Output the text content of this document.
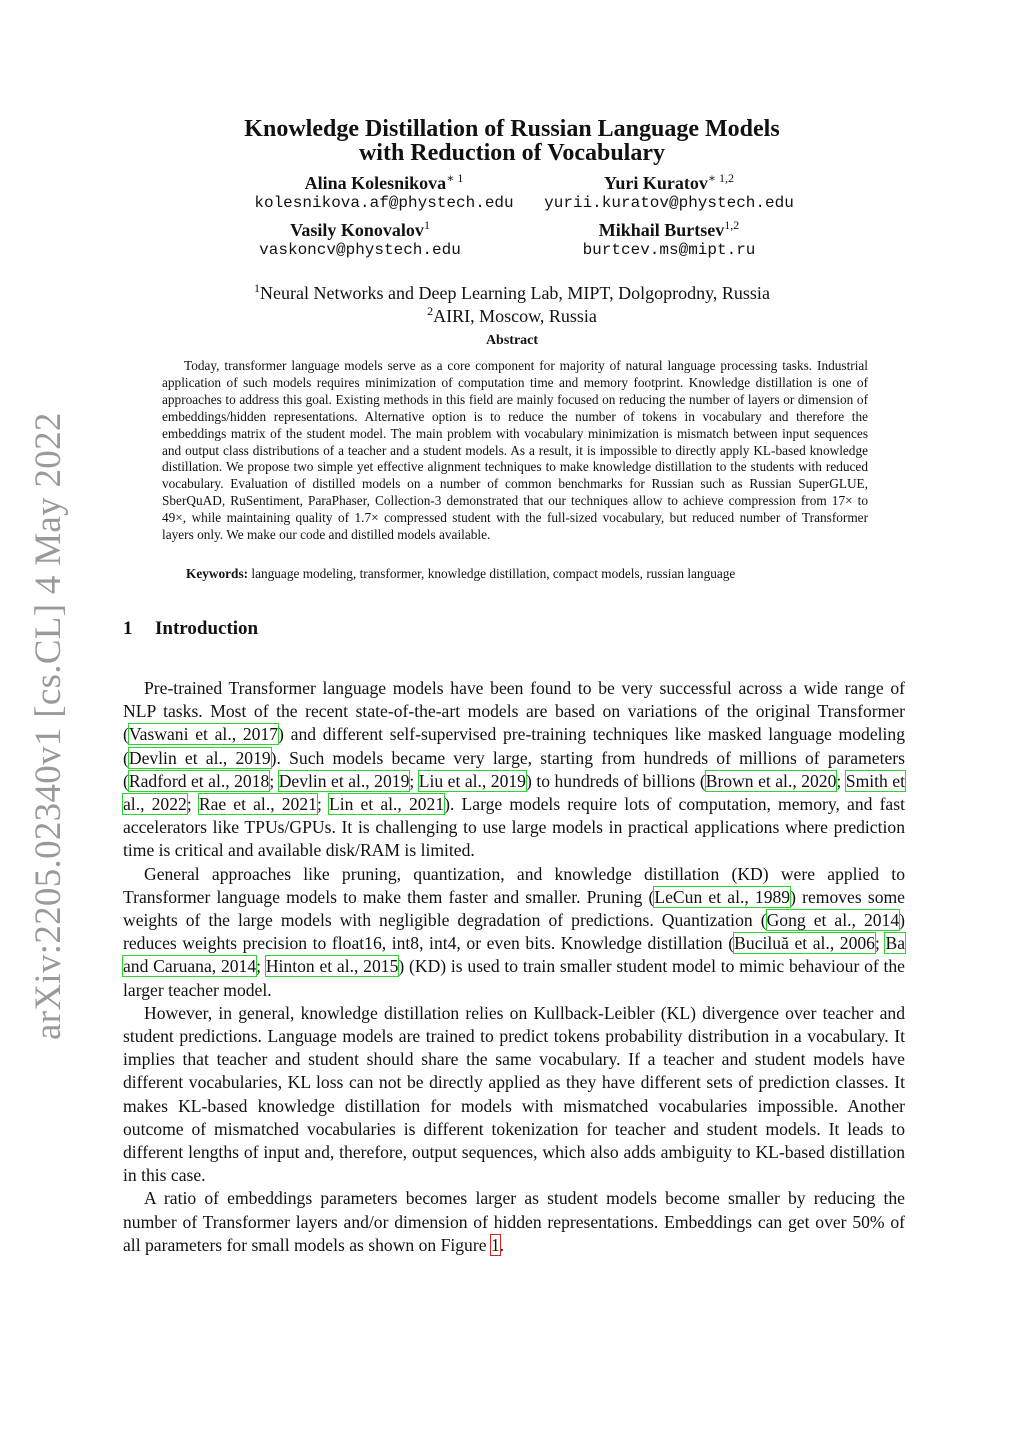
arXiv:2205.02340v1 [cs.CL] 4 May 2022
Knowledge Distillation of Russian Language Models
with Reduction of Vocabulary
Alina Kolesnikova$^{∗ 1}$
kolesnikova.af@phystech.edu
Yuri Kuratov$^{∗ 1,2}$
yurii.kuratov@phystech.edu
Vasily Konovalov$^1$
vaskoncv@phystech.edu
Mikhail Burtsev$^{1,2}$
burtcev.ms@mipt.ru
$^1$Neural Networks and Deep Learning Lab, MIPT, Dolgoprodny, Russia
$^2$AIRI, Moscow, Russia
Abstract
Today, transformer language models serve as a core component for majority of natural language processing tasks. Industrial application of such models requires minimization of computation time and memory footprint. Knowledge distillation is one of approaches to address this goal. Existing methods in this field are mainly focused on reducing the number of layers or dimension of embeddings/hidden representations. Alternative option is to reduce the number of tokens in vocabulary and therefore the embeddings matrix of the student model. The main problem with vocabulary minimization is mismatch between input sequences and output class distributions of a teacher and a student models. As a result, it is impossible to directly apply KL-based knowledge distillation. We propose two simple yet effective alignment techniques to make knowledge distillation to the students with reduced vocabulary. Evaluation of distilled models on a number of common benchmarks for Russian such as Russian SuperGLUE, SberQuAD, RuSentiment, ParaPhaser, Collection-3 demonstrated that our techniques allow to achieve compression from 17× to 49×, while maintaining quality of 1.7× compressed student with the full-sized vocabulary, but reduced number of Transformer layers only. We make our code and distilled models available.
Keywords: language modeling, transformer, knowledge distillation, compact models, russian language
1 Introduction

Pre-trained Transformer language models have been found to be very successful across a wide range of NLP tasks. Most of the recent state-of-the-art models are based on variations of the original Transformer (Vaswani et al., 2017) and different self-supervised pre-training techniques like masked language modeling (Devlin et al., 2019). Such models became very large, starting from hundreds of millions of parameters (Radford et al., 2018; Devlin et al., 2019; Liu et al., 2019) to hundreds of billions (Brown et al., 2020; Smith et al., 2022; Rae et al., 2021; Lin et al., 2021). Large models require lots of computation, memory, and fast accelerators like TPUs/GPUs. It is challenging to use large models in practical applications where prediction time is critical and available disk/RAM is limited.

General approaches like pruning, quantization, and knowledge distillation (KD) were applied to Transformer language models to make them faster and smaller. Pruning (LeCun et al., 1989) removes some weights of the large models with negligible degradation of predictions. Quantization (Gong et al., 2014) reduces weights precision to float16, int8, int4, or even bits. Knowledge distillation (Buciluă et al., 2006; Ba and Caruana, 2014; Hinton et al., 2015) (KD) is used to train smaller student model to mimic behaviour of the larger teacher model.

However, in general, knowledge distillation relies on Kullback-Leibler (KL) divergence over teacher and student predictions. Language models are trained to predict tokens probability distribution in a vocabulary. It implies that teacher and student should share the same vocabulary. If a teacher and student models have different vocabularies, KL loss can not be directly applied as they have different sets of prediction classes. It makes KL-based knowledge distillation for models with mismatched vocabularies impossible. Another outcome of mismatched vocabularies is different tokenization for teacher and student models. It leads to different lengths of input and, therefore, output sequences, which also adds ambiguity to KL-based distillation in this case.

A ratio of embeddings parameters becomes larger as student models become smaller by reducing the number of Transformer layers and/or dimension of hidden representations. Embeddings can get over 50% of all parameters for small models as shown on Figure 1.
